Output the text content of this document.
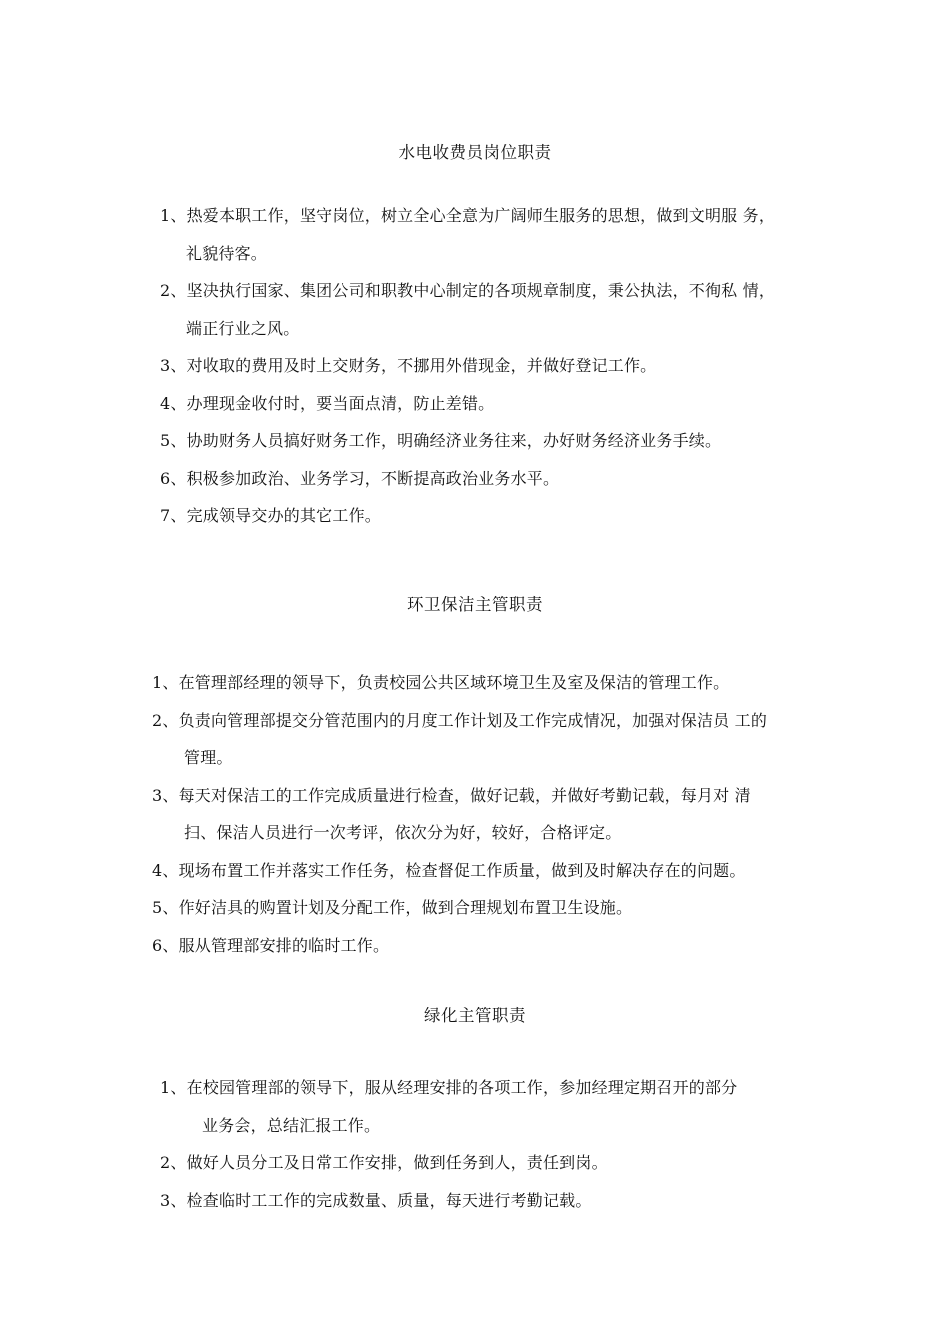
水电收费员岗位职责
1、热爱本职工作，坚守岗位，树立全心全意为广阔师生服务的思想，做到文明服 务，
礼貌待客。
2、坚决执行国家、集团公司和职教中心制定的各项规章制度，秉公执法，不徇私 情，
端正行业之风。
3、对收取的费用及时上交财务，不挪用外借现金，并做好登记工作。
4、办理现金收付时，要当面点清，防止差错。
5、协助财务人员搞好财务工作，明确经济业务往来，办好财务经济业务手续。
6、积极参加政治、业务学习，不断提高政治业务水平。
7、完成领导交办的其它工作。
环卫保洁主管职责
1、在管理部经理的领导下，负责校园公共区域环境卫生及室及保洁的管理工作。
2、负责向管理部提交分管范围内的月度工作计划及工作完成情况，加强对保洁员 工的
管理。
3、每天对保洁工的工作完成质量进行检查，做好记载，并做好考勤记载，每月对 清
扫、保洁人员进行一次考评，依次分为好，较好，合格评定。
4、现场布置工作并落实工作任务，检查督促工作质量，做到及时解决存在的问题。
5、作好洁具的购置计划及分配工作，做到合理规划布置卫生设施。
6、服从管理部安排的临时工作。
绿化主管职责
1、在校园管理部的领导下，服从经理安排的各项工作，参加经理定期召开的部分
业务会，总结汇报工作。
2、做好人员分工及日常工作安排，做到任务到人，责任到岗。
3、检查临时工工作的完成数量、质量，每天进行考勤记载。
